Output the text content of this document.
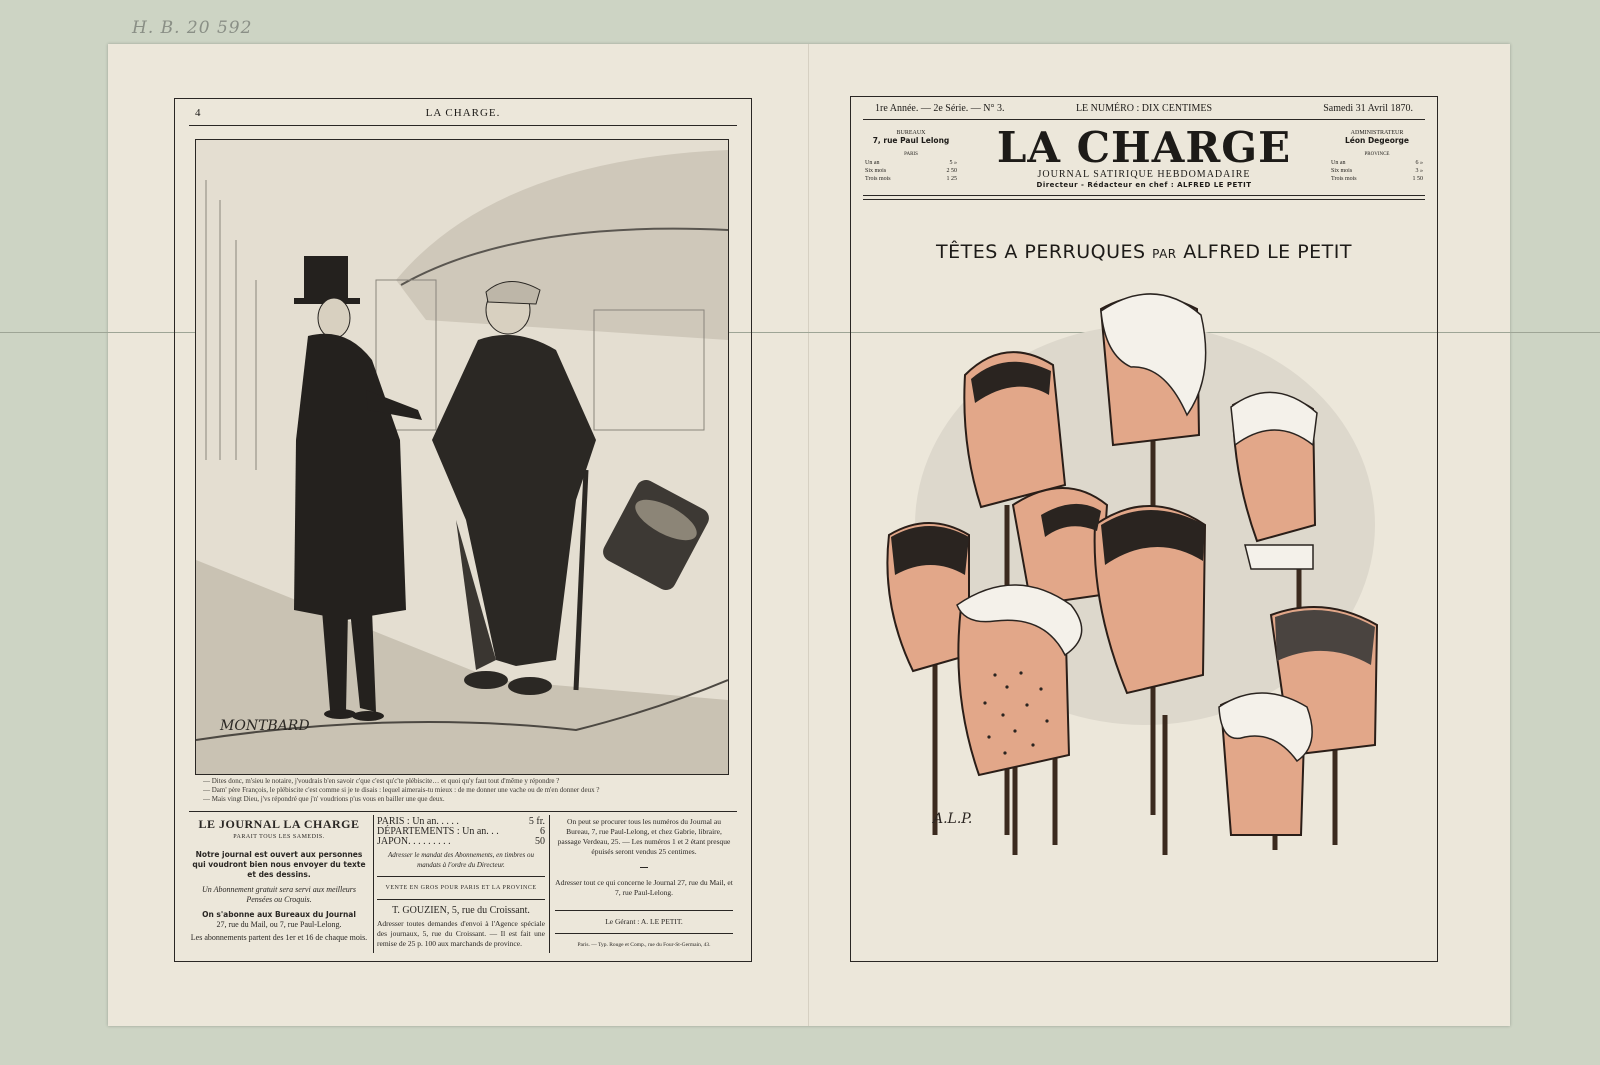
H. B. 20 592
4	LA CHARGE.
MONTBARD
— Dites donc, m'sieu le notaire, j'voudrais b'en savoir c'que c'est qu'c'te plébiscite… et quoi qu'y faut tout d'même y répondre ?
— Dam' père François, le plébiscite c'est comme si je te disais : lequel aimerais-tu mieux : de me donner une vache ou de m'en donner deux ?
— Mais vingt Dieu, j'vs répondré que j'n' voudrions p'us vous en bailler une que deux.
LE JOURNAL LA CHARGE
PARAIT TOUS LES SAMEDIS.
Notre journal est ouvert aux personnes qui voudront bien nous envoyer du texte et des dessins.
Un Abonnement gratuit sera servi aux meilleurs Pensées ou Croquis.
On s'abonne aux Bureaux du Journal
27, rue du Mail, ou 7, rue Paul-Lelong.
Les abonnements partent des 1er et 16 de chaque mois.
PARIS : Un an. . . . .	5 fr.
DÉPARTEMENTS : Un an. . .	6
JAPON. . . . . . . . .	50
Adresser le mandat des Abonnements, en timbres ou mandats à l'ordre du Directeur.
VENTE EN GROS POUR PARIS ET LA PROVINCE
T. GOUZIEN, 5, rue du Croissant.
Adresser toutes demandes d'envoi à l'Agence spéciale des journaux, 5, rue du Croissant. — Il est fait une remise de 25 p. 100 aux marchands de province.
On peut se procurer tous les numéros du Journal au Bureau, 7, rue Paul-Lelong, et chez Gabrie, libraire, passage Verdeau, 25. — Les numéros 1 et 2 étant presque épuisés seront vendus 25 centimes.
Adresser tout ce qui concerne le Journal 27, rue du Mail, et 7, rue Paul-Lelong.
Le Gérant : A. LE PETIT.
Paris. — Typ. Rouge et Comp., rue du Four-St-Germain, 43.
1re Année. — 2e Série. — N° 3.	LE NUMÉRO : DIX CENTIMES	Samedi 31 Avril 1870.
BUREAUX
7, rue Paul Lelong
PARIS
Un an	5 »
Six mois	2 50
Trois mois	1 25
LA CHARGE
JOURNAL SATIRIQUE HEBDOMADAIRE
Directeur - Rédacteur en chef : ALFRED LE PETIT
ADMINISTRATEUR
Léon Degeorge
PROVINCE
Un an	6 »
Six mois	3 »
Trois mois	1 50
TÊTES A PERRUQUES PAR ALFRED LE PETIT
A.L.P.
